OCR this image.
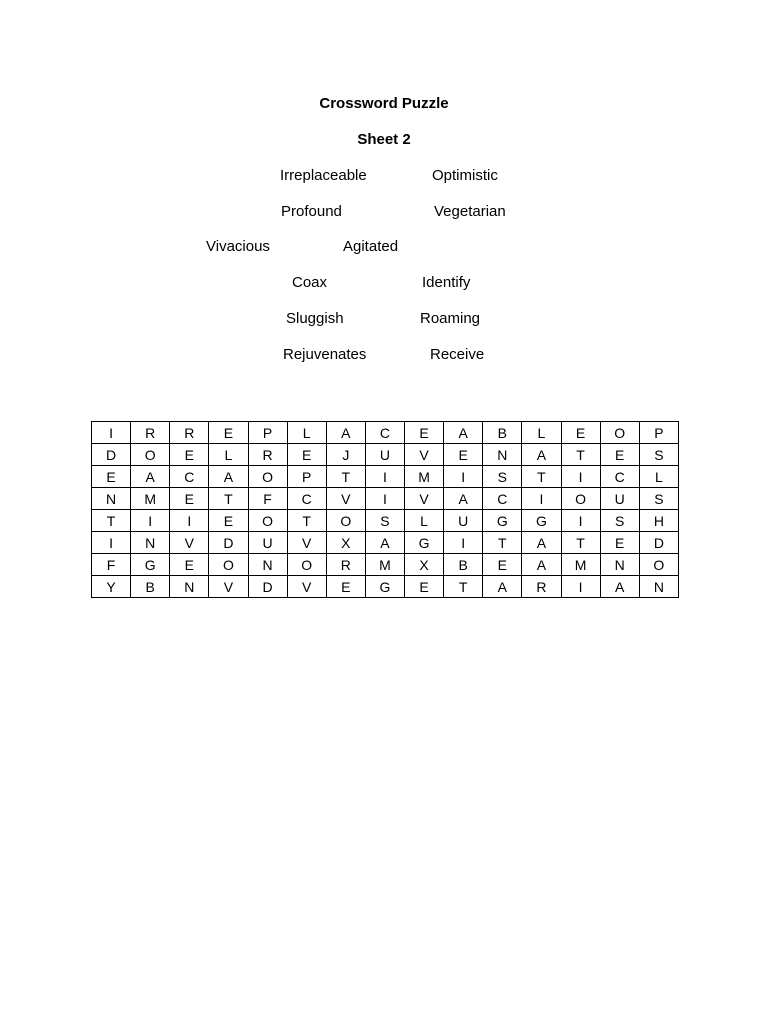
Crossword Puzzle
Sheet 2
Irreplaceable	Optimistic
Profound	Vegetarian
Vivacious	Agitated
Coax	Identify
Sluggish	Roaming
Rejuvenates	Receive
I	R	R	E	P	L	A	C	E	A	B	L	E	O	P
D	O	E	L	R	E	J	U	V	E	N	A	T	E	S
E	A	C	A	O	P	T	I	M	I	S	T	I	C	L
N	M	E	T	F	C	V	I	V	A	C	I	O	U	S
T	I	I	E	O	T	O	S	L	U	G	G	I	S	H
I	N	V	D	U	V	X	A	G	I	T	A	T	E	D
F	G	E	O	N	O	R	M	X	B	E	A	M	N	O
Y	B	N	V	D	V	E	G	E	T	A	R	I	A	N
